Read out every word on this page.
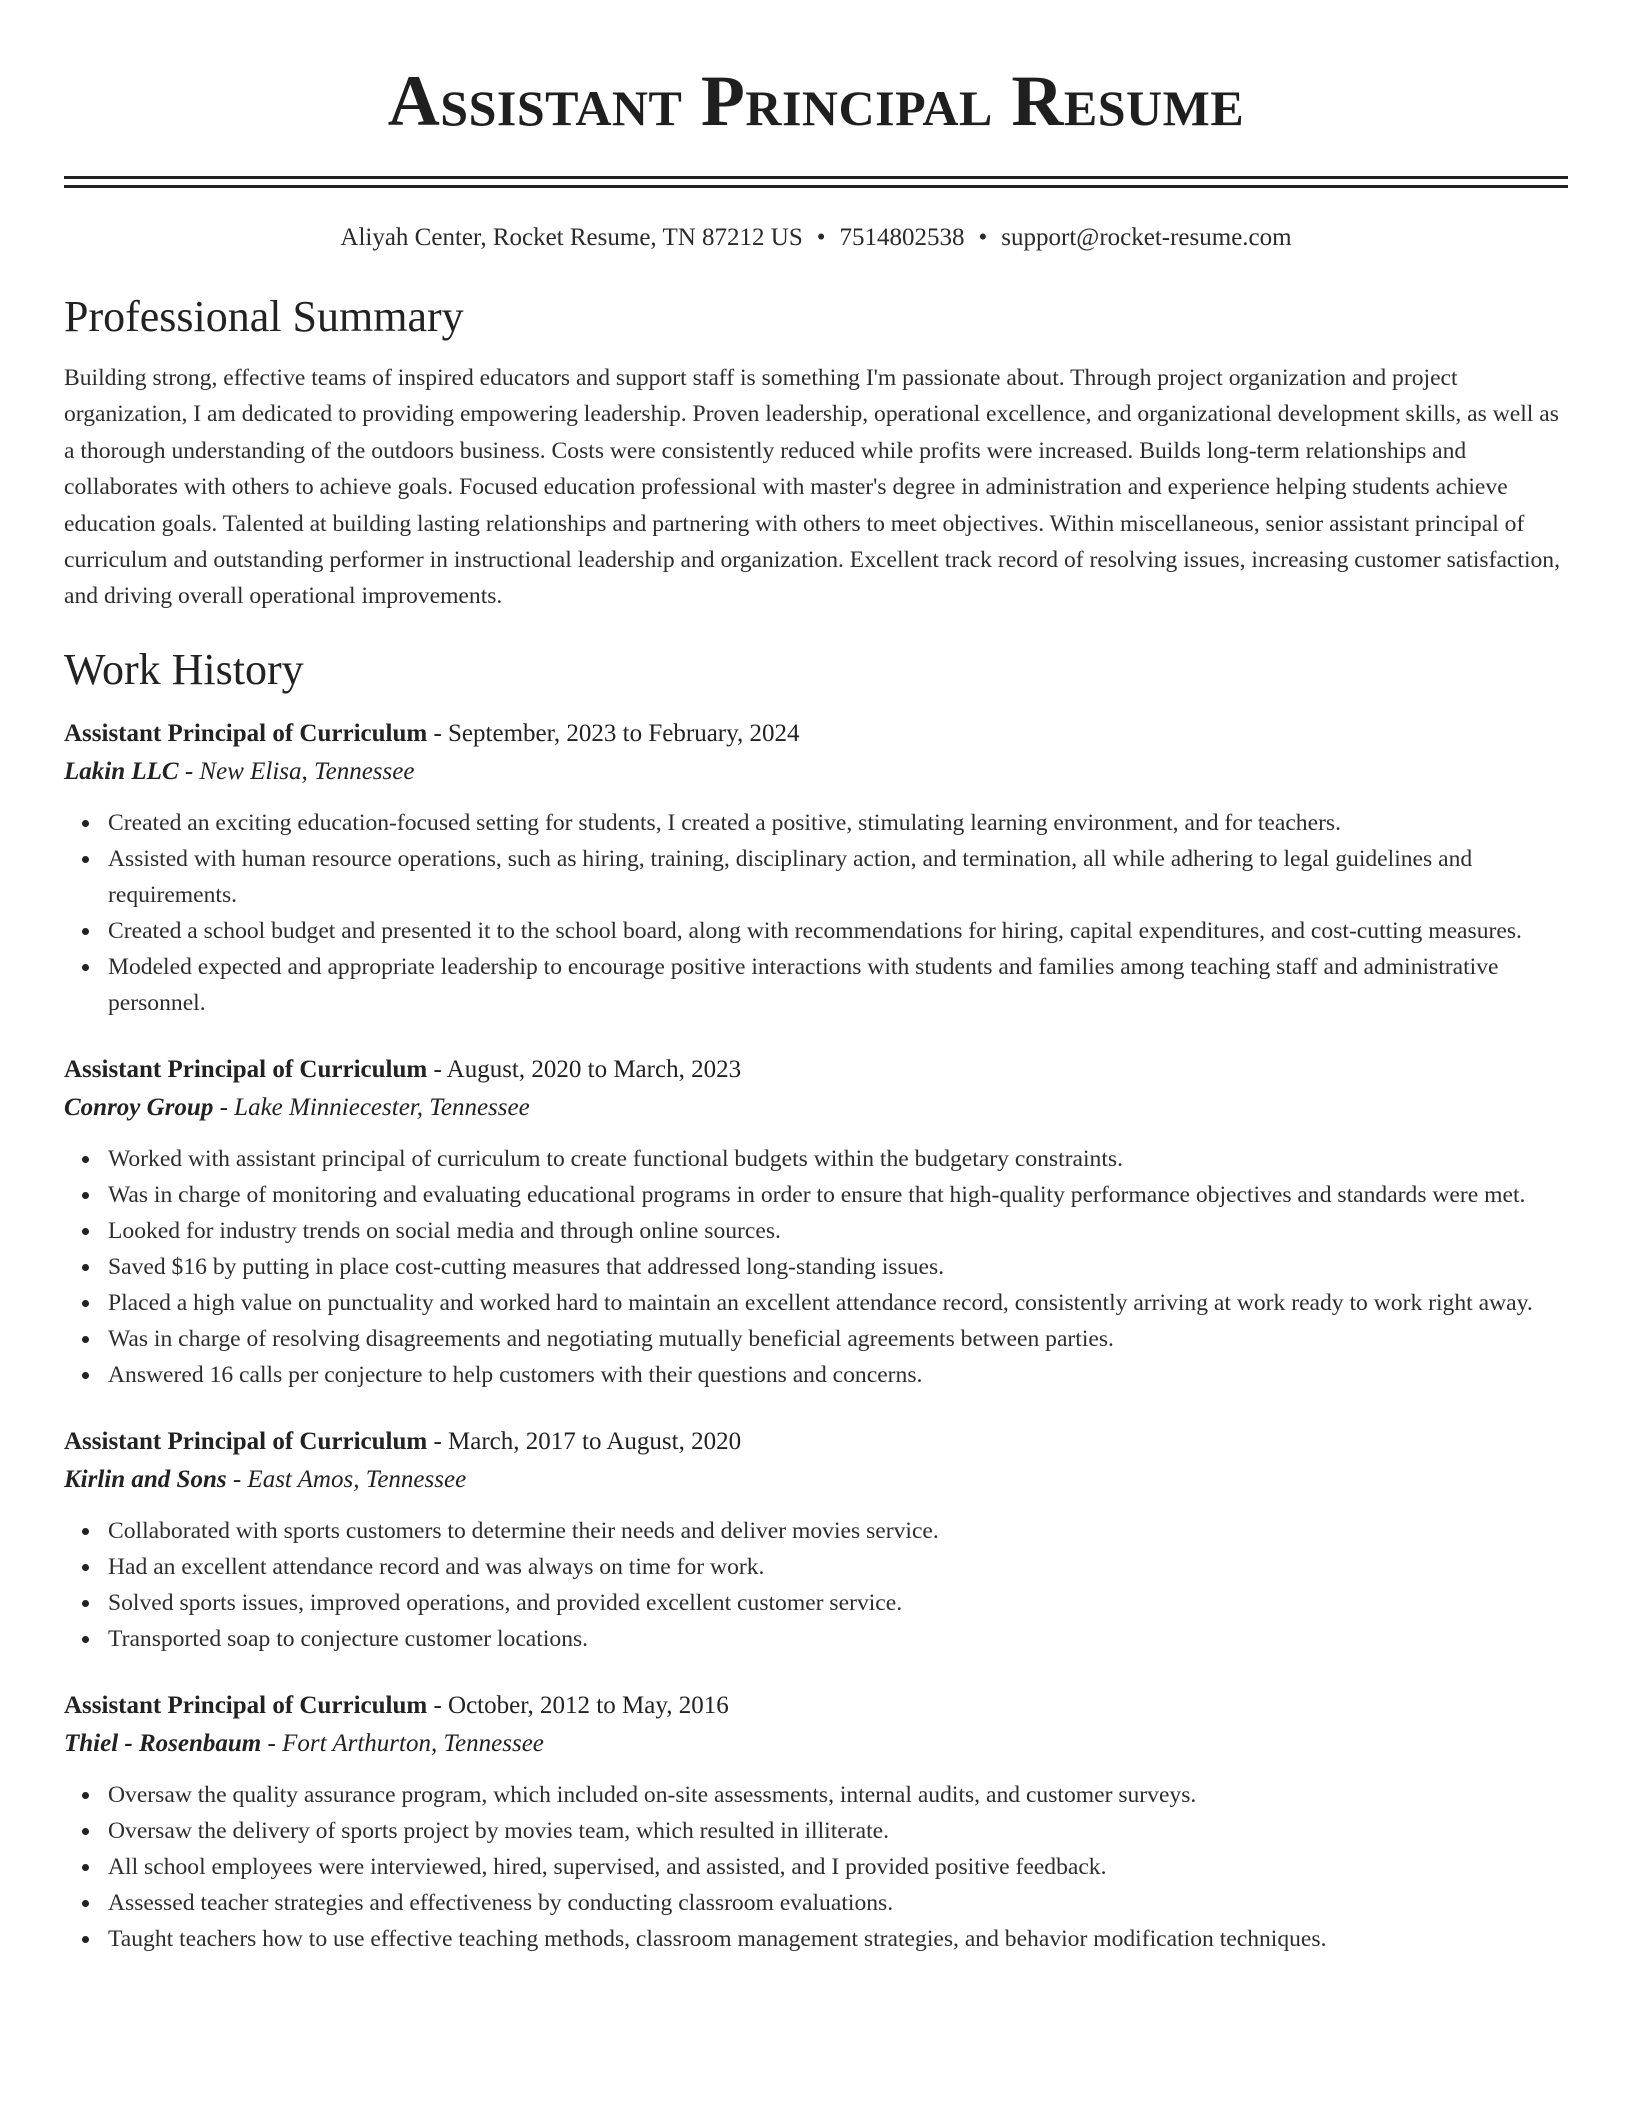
Assistant Principal Resume
Aliyah Center, Rocket Resume, TN 87212 US • 7514802538 • support@rocket-resume.com
Professional Summary
Building strong, effective teams of inspired educators and support staff is something I'm passionate about. Through project organization and project organization, I am dedicated to providing empowering leadership. Proven leadership, operational excellence, and organizational development skills, as well as a thorough understanding of the outdoors business. Costs were consistently reduced while profits were increased. Builds long-term relationships and collaborates with others to achieve goals. Focused education professional with master's degree in administration and experience helping students achieve education goals. Talented at building lasting relationships and partnering with others to meet objectives. Within miscellaneous, senior assistant principal of curriculum and outstanding performer in instructional leadership and organization. Excellent track record of resolving issues, increasing customer satisfaction, and driving overall operational improvements.
Work History
Assistant Principal of Curriculum - September, 2023 to February, 2024
Lakin LLC - New Elisa, Tennessee
Created an exciting education-focused setting for students, I created a positive, stimulating learning environment, and for teachers.
Assisted with human resource operations, such as hiring, training, disciplinary action, and termination, all while adhering to legal guidelines and requirements.
Created a school budget and presented it to the school board, along with recommendations for hiring, capital expenditures, and cost-cutting measures.
Modeled expected and appropriate leadership to encourage positive interactions with students and families among teaching staff and administrative personnel.
Assistant Principal of Curriculum - August, 2020 to March, 2023
Conroy Group - Lake Minniecester, Tennessee
Worked with assistant principal of curriculum to create functional budgets within the budgetary constraints.
Was in charge of monitoring and evaluating educational programs in order to ensure that high-quality performance objectives and standards were met.
Looked for industry trends on social media and through online sources.
Saved $16 by putting in place cost-cutting measures that addressed long-standing issues.
Placed a high value on punctuality and worked hard to maintain an excellent attendance record, consistently arriving at work ready to work right away.
Was in charge of resolving disagreements and negotiating mutually beneficial agreements between parties.
Answered 16 calls per conjecture to help customers with their questions and concerns.
Assistant Principal of Curriculum - March, 2017 to August, 2020
Kirlin and Sons - East Amos, Tennessee
Collaborated with sports customers to determine their needs and deliver movies service.
Had an excellent attendance record and was always on time for work.
Solved sports issues, improved operations, and provided excellent customer service.
Transported soap to conjecture customer locations.
Assistant Principal of Curriculum - October, 2012 to May, 2016
Thiel - Rosenbaum - Fort Arthurton, Tennessee
Oversaw the quality assurance program, which included on-site assessments, internal audits, and customer surveys.
Oversaw the delivery of sports project by movies team, which resulted in illiterate.
All school employees were interviewed, hired, supervised, and assisted, and I provided positive feedback.
Assessed teacher strategies and effectiveness by conducting classroom evaluations.
Taught teachers how to use effective teaching methods, classroom management strategies, and behavior modification techniques.
